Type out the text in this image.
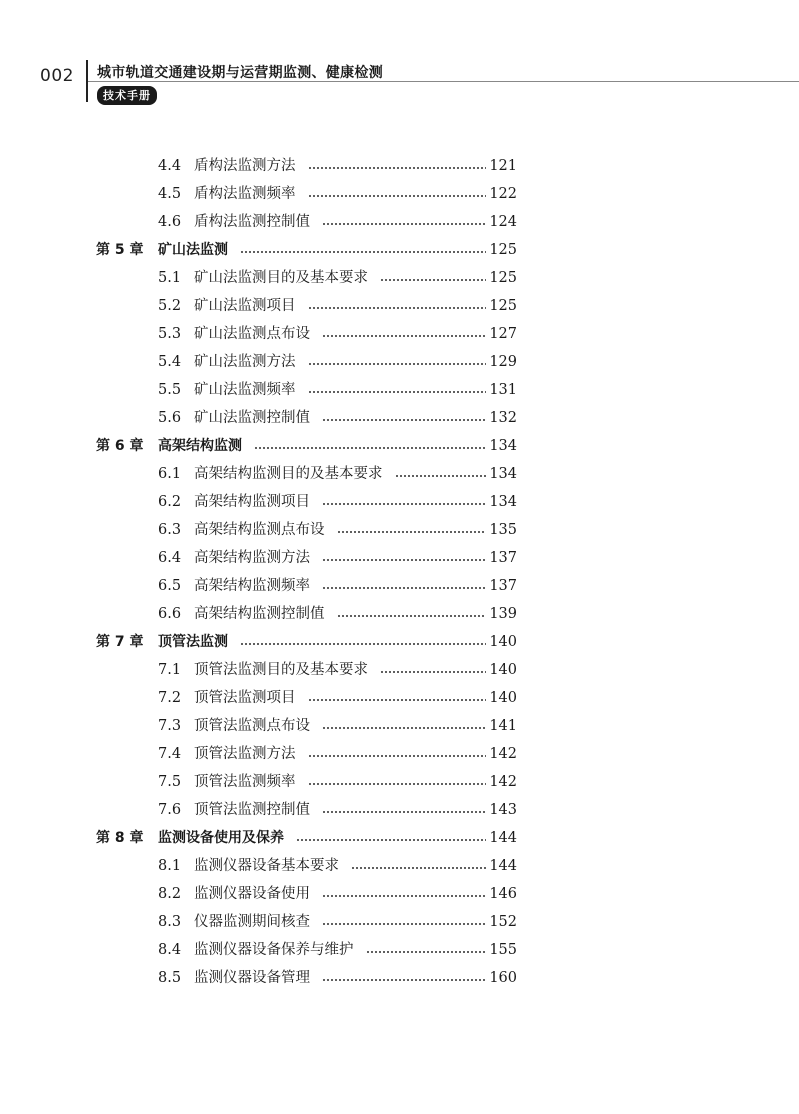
002 城市轨道交通建设期与运营期监测、健康检测
技术手册
4.4 盾构法监测方法	121
4.5 盾构法监测频率	122
4.6 盾构法监测控制值	124
第 5 章	矿山法监测	125
5.1 矿山法监测目的及基本要求	125
5.2 矿山法监测项目	125
5.3 矿山法监测点布设	127
5.4 矿山法监测方法	129
5.5 矿山法监测频率	131
5.6 矿山法监测控制值	132
第 6 章	高架结构监测	134
6.1 高架结构监测目的及基本要求	134
6.2 高架结构监测项目	134
6.3 高架结构监测点布设	135
6.4 高架结构监测方法	137
6.5 高架结构监测频率	137
6.6 高架结构监测控制值	139
第 7 章	顶管法监测	140
7.1 顶管法监测目的及基本要求	140
7.2 顶管法监测项目	140
7.3 顶管法监测点布设	141
7.4 顶管法监测方法	142
7.5 顶管法监测频率	142
7.6 顶管法监测控制值	143
第 8 章	监测设备使用及保养	144
8.1 监测仪器设备基本要求	144
8.2 监测仪器设备使用	146
8.3 仪器监测期间核查	152
8.4 监测仪器设备保养与维护	155
8.5 监测仪器设备管理	160
